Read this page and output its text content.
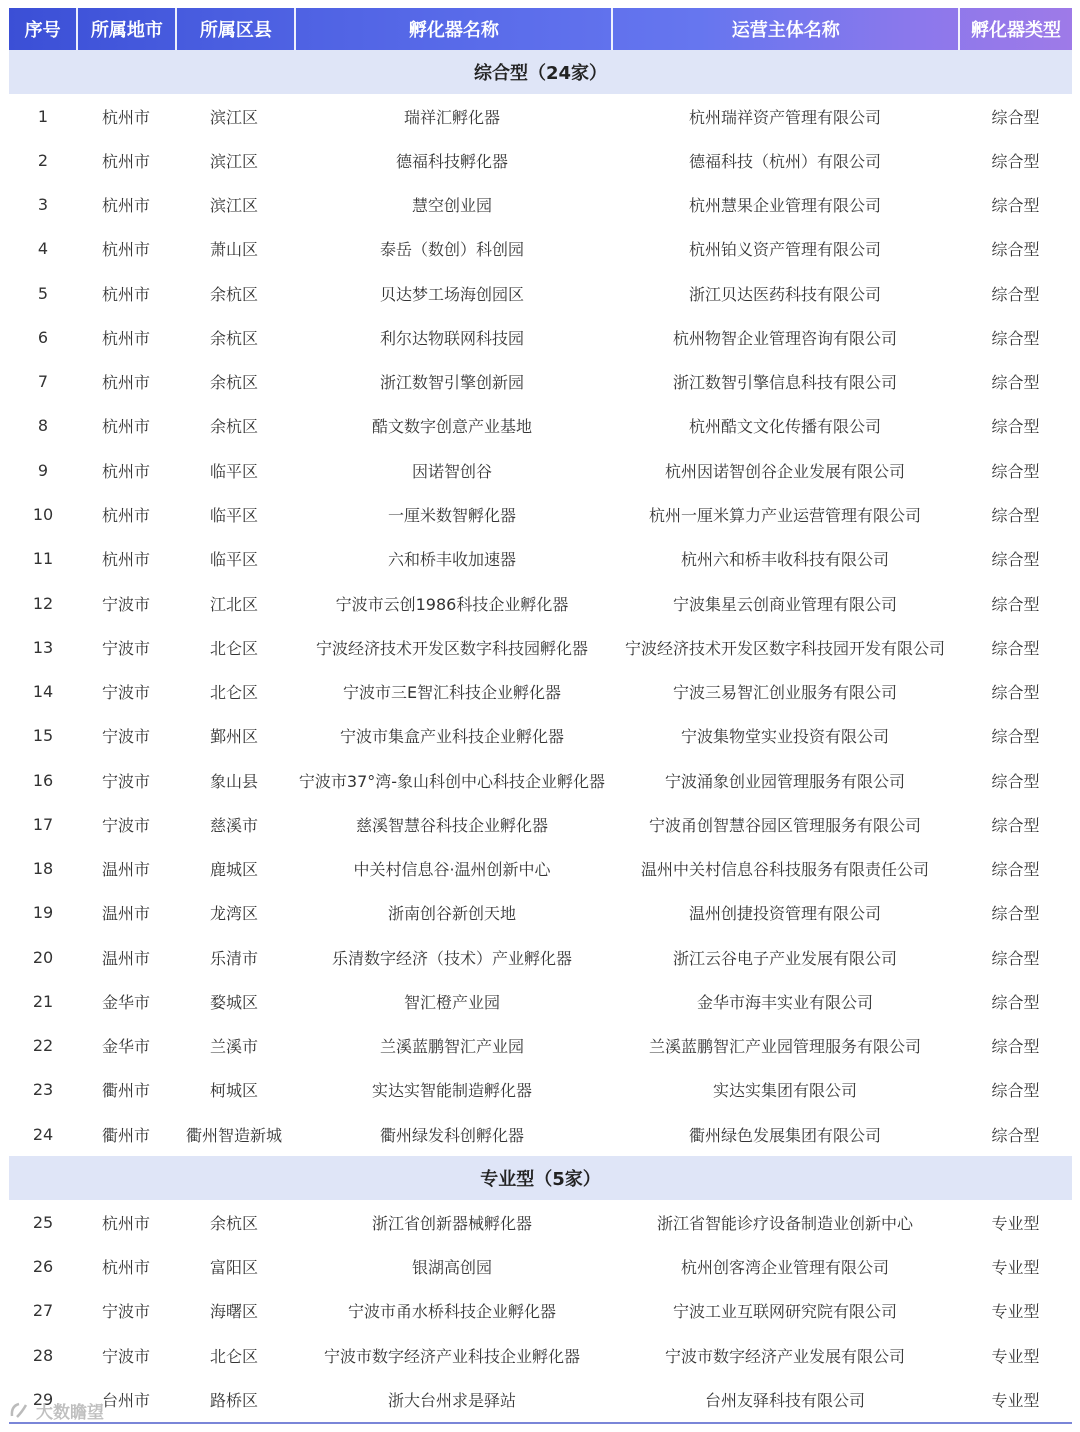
序号	所属地市	所属区县	孵化器名称	运营主体名称	孵化器类型
综合型（24家）
1	杭州市	滨江区	瑞祥汇孵化器	杭州瑞祥资产管理有限公司	综合型
2	杭州市	滨江区	德福科技孵化器	德福科技（杭州）有限公司	综合型
3	杭州市	滨江区	慧空创业园	杭州慧果企业管理有限公司	综合型
4	杭州市	萧山区	泰岳（数创）科创园	杭州铂义资产管理有限公司	综合型
5	杭州市	余杭区	贝达梦工场海创园区	浙江贝达医药科技有限公司	综合型
6	杭州市	余杭区	利尔达物联网科技园	杭州物智企业管理咨询有限公司	综合型
7	杭州市	余杭区	浙江数智引擎创新园	浙江数智引擎信息科技有限公司	综合型
8	杭州市	余杭区	酷文数字创意产业基地	杭州酷文文化传播有限公司	综合型
9	杭州市	临平区	因诺智创谷	杭州因诺智创谷企业发展有限公司	综合型
10	杭州市	临平区	一厘米数智孵化器	杭州一厘米算力产业运营管理有限公司	综合型
11	杭州市	临平区	六和桥丰收加速器	杭州六和桥丰收科技有限公司	综合型
12	宁波市	江北区	宁波市云创1986科技企业孵化器	宁波集星云创商业管理有限公司	综合型
13	宁波市	北仑区	宁波经济技术开发区数字科技园孵化器	宁波经济技术开发区数字科技园开发有限公司	综合型
14	宁波市	北仑区	宁波市三E智汇科技企业孵化器	宁波三易智汇创业服务有限公司	综合型
15	宁波市	鄞州区	宁波市集盒产业科技企业孵化器	宁波集物堂实业投资有限公司	综合型
16	宁波市	象山县	宁波市37°湾-象山科创中心科技企业孵化器	宁波涌象创业园管理服务有限公司	综合型
17	宁波市	慈溪市	慈溪智慧谷科技企业孵化器	宁波甬创智慧谷园区管理服务有限公司	综合型
18	温州市	鹿城区	中关村信息谷·温州创新中心	温州中关村信息谷科技服务有限责任公司	综合型
19	温州市	龙湾区	浙南创谷新创天地	温州创捷投资管理有限公司	综合型
20	温州市	乐清市	乐清数字经济（技术）产业孵化器	浙江云谷电子产业发展有限公司	综合型
21	金华市	婺城区	智汇橙产业园	金华市海丰实业有限公司	综合型
22	金华市	兰溪市	兰溪蓝鹏智汇产业园	兰溪蓝鹏智汇产业园管理服务有限公司	综合型
23	衢州市	柯城区	实达实智能制造孵化器	实达实集团有限公司	综合型
24	衢州市	衢州智造新城	衢州绿发科创孵化器	衢州绿色发展集团有限公司	综合型
专业型（5家）
25	杭州市	余杭区	浙江省创新器械孵化器	浙江省智能诊疗设备制造业创新中心	专业型
26	杭州市	富阳区	银湖高创园	杭州创客湾企业管理有限公司	专业型
27	宁波市	海曙区	宁波市甬水桥科技企业孵化器	宁波工业互联网研究院有限公司	专业型
28	宁波市	北仑区	宁波市数字经济产业科技企业孵化器	宁波市数字经济产业发展有限公司	专业型
29	台州市	路桥区	浙大台州求是驿站	台州友驿科技有限公司	专业型
大数瞻望
